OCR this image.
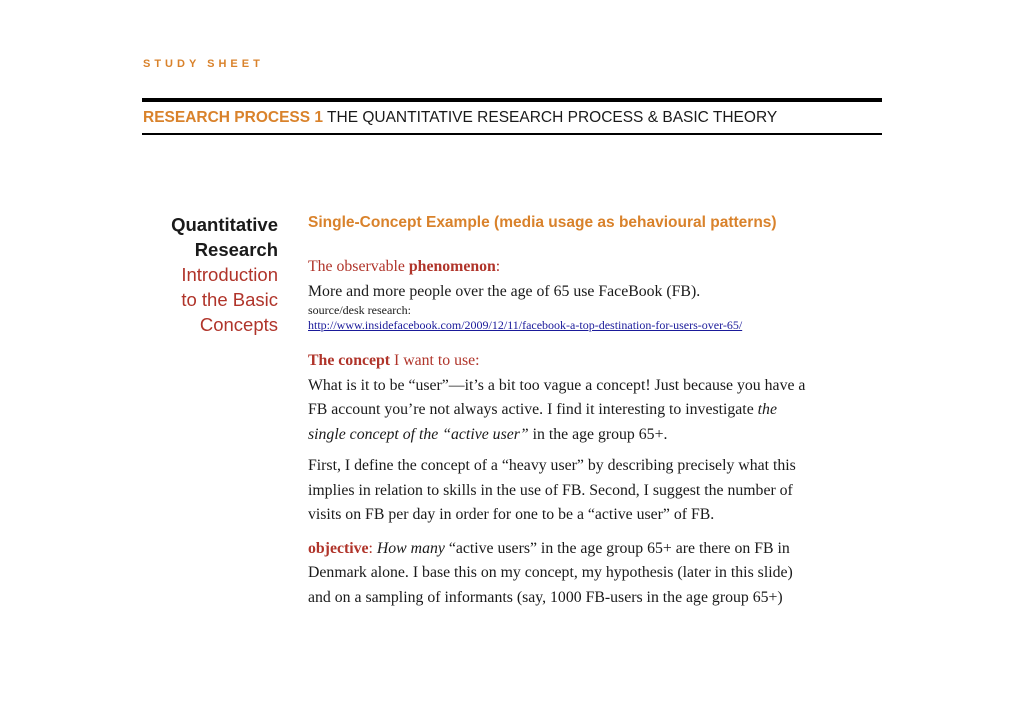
STUDY SHEET
RESEARCH PROCESS 1 THE QUANTITATIVE RESEARCH PROCESS & BASIC THEORY
Quantitative
Research
Introduction
to the Basic
Concepts

Single-Concept Example (media usage as behavioural patterns)

The observable phenomenon:

More and more people over the age of 65 use FaceBook (FB).

source/desk research:

http://www.insidefacebook.com/2009/12/11/facebook-a-top-destination-for-users-over-65/

The concept I want to use:

What is it to be “user”—it’s a bit too vague a concept! Just because you have a

FB account you’re not always active. I find it interesting to investigate the

single concept of the “active user” in the age group 65+.

First, I define the concept of a “heavy user” by describing precisely what this

implies in relation to skills in the use of FB. Second, I suggest the number of

visits on FB per day in order for one to be a “active user” of FB.

objective: How many “active users” in the age group 65+ are there on FB in

Denmark alone. I base this on my concept, my hypothesis (later in this slide)

and on a sampling of informants (say, 1000 FB-users in the age group 65+)
